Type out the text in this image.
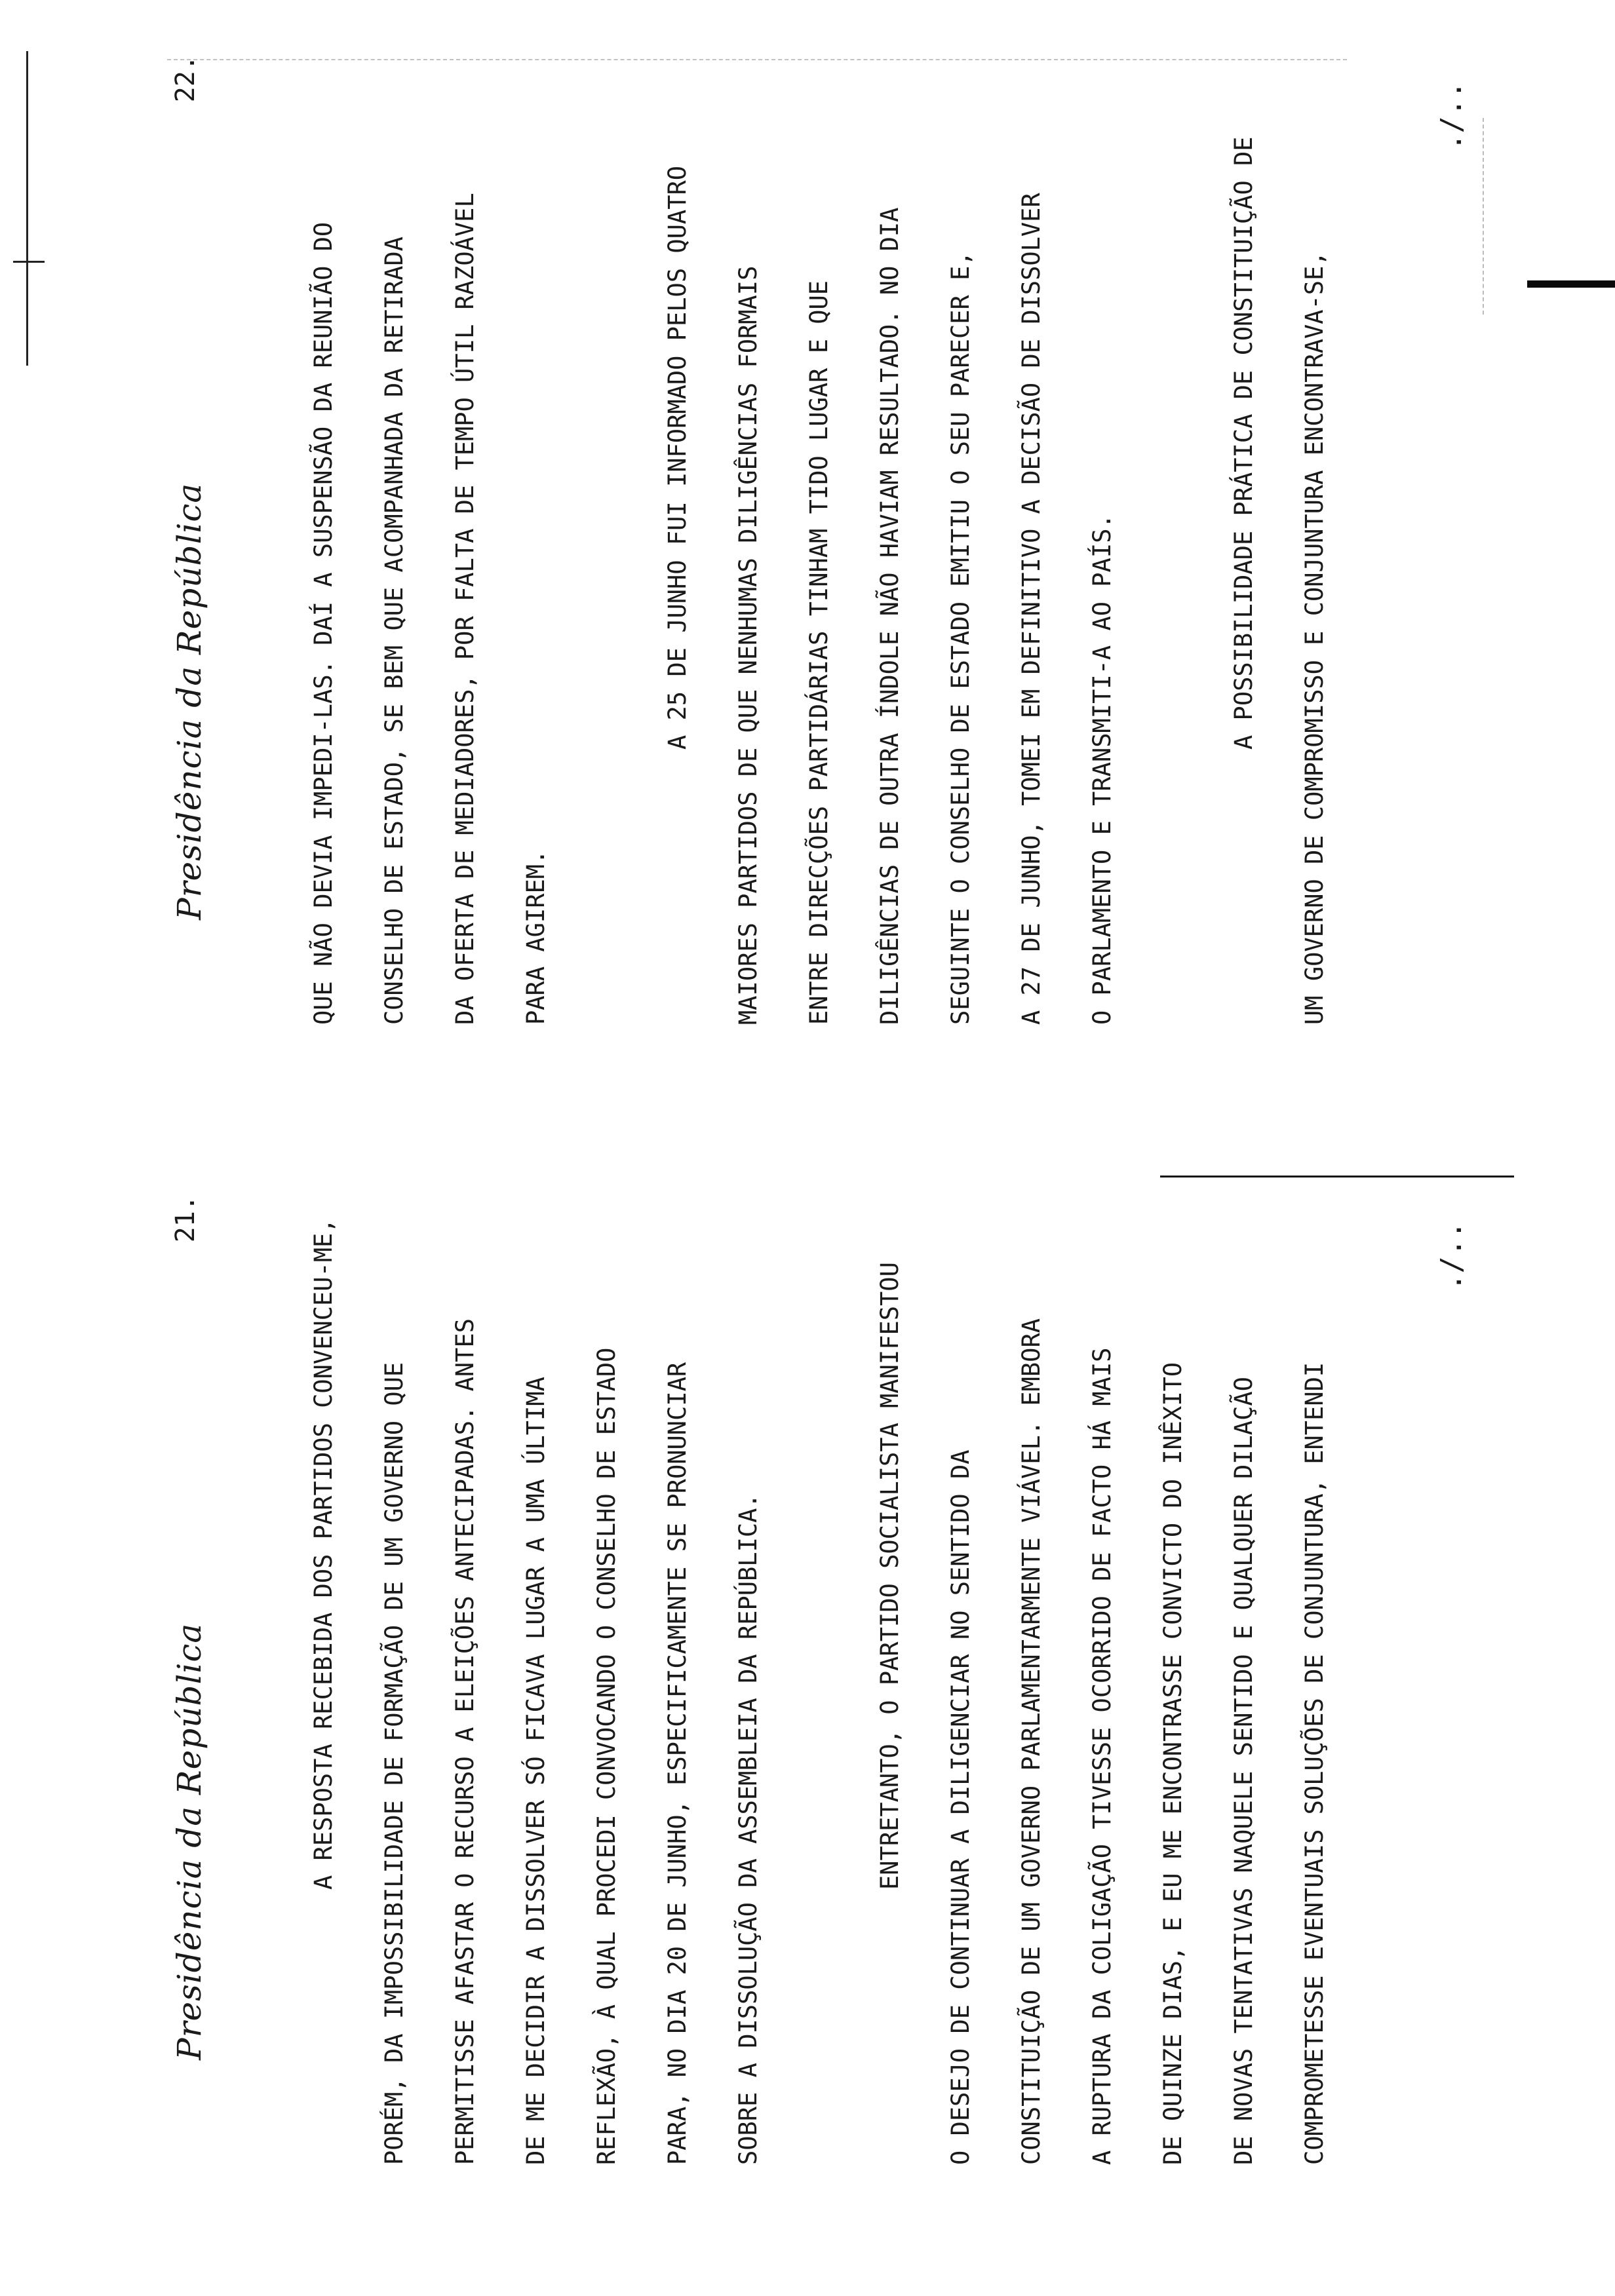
Presidência da República
21.	A RESPOSTA RECEBIDA DOS PARTIDOS CONVENCEU-ME,	PORÉM, DA IMPOSSIBILIDADE DE FORMAÇÃO DE UM GOVERNO QUE	PERMITISSE AFASTAR O RECURSO A ELEIÇÕES ANTECIPADAS. ANTES	DE ME DECIDIR A DISSOLVER SÓ FICAVA LUGAR A UMA ÚLTIMA	REFLEXÃO, À QUAL PROCEDI CONVOCANDO O CONSELHO DE ESTADO	PARA, NO DIA 20 DE JUNHO, ESPECIFICAMENTE SE PRONUNCIAR	SOBRE A DISSOLUÇÃO DA ASSEMBLEIA DA REPÚBLICA.	ENTRETANTO, O PARTIDO SOCIALISTA MANIFESTOU	O DESEJO DE CONTINUAR A DILIGENCIAR NO SENTIDO DA	CONSTITUIÇÃO DE UM GOVERNO PARLAMENTARMENTE VIÁVEL. EMBORA	A RUPTURA DA COLIGAÇÃO TIVESSE OCORRIDO DE FACTO HÁ MAIS	DE QUINZE DIAS, E EU ME ENCONTRASSE CONVICTO DO INÊXITO	DE NOVAS TENTATIVAS NAQUELE SENTIDO E QUALQUER DILAÇÃO	COMPROMETESSE EVENTUAIS SOLUÇÕES DE CONJUNTURA, ENTENDI
./..
Presidência da República
22.
QUE NÃO DEVIA IMPEDI-LAS. DAÍ A SUSPENSÃO DA REUNIÃO DO	CONSELHO DE ESTADO, SE BEM QUE ACOMPANHADA DA RETIRADA	DA OFERTA DE MEDIADORES, POR FALTA DE TEMPO ÚTIL RAZOÁVEL	PARA AGIREM.
A 25 DE JUNHO FUI INFORMADO PELOS QUATRO	MAIORES PARTIDOS DE QUE NENHUMAS DILIGÊNCIAS FORMAIS	ENTRE DIRECÇÕES PARTIDÁRIAS TINHAM TIDO LUGAR E QUE	DILIGÊNCIAS DE OUTRA ÍNDOLE NÃO HAVIAM RESULTADO. NO DIA	SEGUINTE O CONSELHO DE ESTADO EMITIU O SEU PARECER E,	A 27 DE JUNHO, TOMEI EM DEFINITIVO A DECISÃO DE DISSOLVER	O PARLAMENTO E TRANSMITI-A AO PAÍS.
A POSSIBILIDADE PRÁTICA DE CONSTITUIÇÃO DE	UM GOVERNO DE COMPROMISSO E CONJUNTURA ENCONTRAVA-SE,
./..
